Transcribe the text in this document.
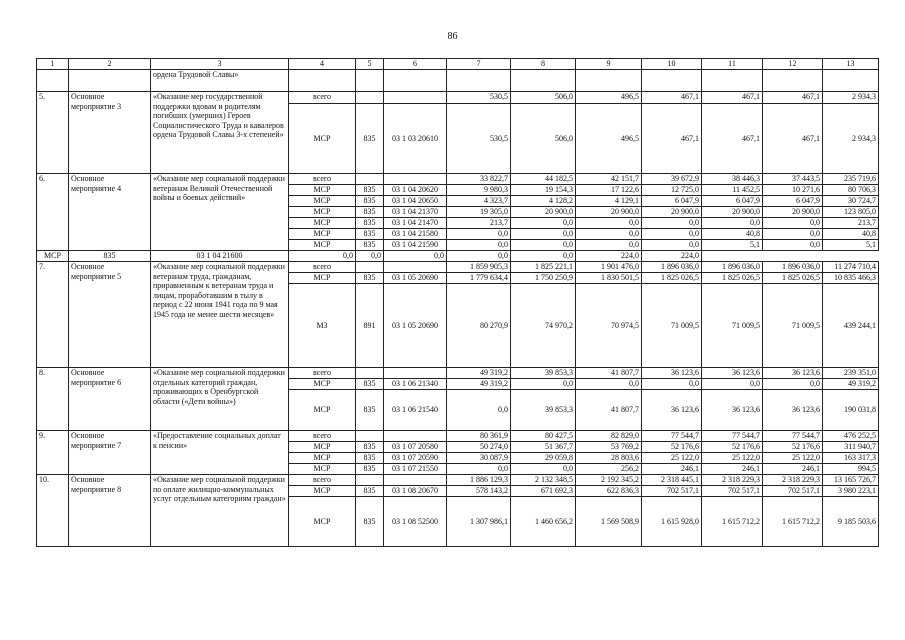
86
1	2	3	4	5	6	7	8	9	10	11	12	13
		ордена Трудовой Славы»										
5.	Основное мероприятие 3	«Оказание мер государственной поддержки вдовам и родителям погибших (умерших) Героев Социалистического Труда и кавалеров ордена Трудовой Славы 3-х степеней»	всего			530,5	506,0	496,5	467,1	467,1	467,1	2 934,3
			МСР	835	03 1 03 20610	530,5	506,0	496,5	467,1	467,1	467,1	2 934,3
6.	Основное мероприятие 4	«Оказание мер социальной поддержки ветеранам Великой Отечественной войны и боевых действий»	всего			33 822,7	44 182,5	42 151,7	39 672,9	38 446,3	37 443,5	235 719,6
			МСР	835	03 1 04 20620	9 980,3	19 154,3	17 122,6	12 725,0	11 452,5	10 271,6	80 706,3
			МСР	835	03 1 04 20650	4 323,7	4 128,2	4 129,1	6 047,9	6 047,9	6 047,9	30 724,7
			МСР	835	03 1 04 21370	19 305,0	20 900,0	20 900,0	20 900,0	20 900,0	20 900,0	123 805,0
			МСР	835	03 1 04 21470	213,7	0,0	0,0	0,0	0,0	0,0	213,7
			МСР	835	03 1 04 21580	0,0	0,0	0,0	0,0	40,8	0,0	40,8
			МСР	835	03 1 04 21590	0,0	0,0	0,0	0,0	5,1	0,0	5,1
МСР	835	03 1 04 21600	0,0	0,0	0,0	0,0	0,0	224,0	224,0			
7.	Основное мероприятие 5	«Оказание мер социальной поддержки ветеранам труда, гражданам, приравненным к ветеранам труда и лицам, проработавшим в тылу в период с 22 июня 1941 года по 9 мая 1945 года не менее шести месяцев»	всего			1 859 905,3	1 825 221,1	1 901 476,0	1 896 036,0	1 896 036,0	1 896 036,0	11 274 710,4
			МСР	835	03 1 05 20690	1 779 634,4	1 750 250,9	1 830 501,5	1 825 026,5	1 825 026,5	1 825 026,5	10 835 466,3
			МЗ	891	03 1 05 20690	80 270,9	74 970,2	70 974,5	71 009,5	71 009,5	71 009,5	439 244,1
8.	Основное мероприятие 6	«Оказание мер социальной поддержки отдельных категорий граждан, проживающих в Оренбургской области («Дети войны»)	всего			49 319,2	39 853,3	41 807,7	36 123,6	36 123,6	36 123,6	239 351,0
			МСР	835	03 1 06 21340	49 319,2	0,0	0,0	0,0	0,0	0,0	49 319,2
			МСР	835	03 1 06 21540	0,0	39 853,3	41 807,7	36 123,6	36 123,6	36 123,6	190 031,8
9.	Основное мероприятие 7	«Предоставление социальных доплат к пенсии»	всего			80 361,9	80 427,5	82 829,0	77 544,7	77 544,7	77 544,7	476 252,5
			МСР	835	03 1 07 20580	50 274,0	51 367,7	53 769,2	52 176,6	52 176,6	52 176,6	311 940,7
			МСР	835	03 1 07 20590	30 087,9	29 059,8	28 803,6	25 122,0	25 122,0	25 122,0	163 317,3
			МСР	835	03 1 07 21550	0,0	0,0	256,2	246,1	246,1	246,1	994,5
10.	Основное мероприятие 8	«Оказание мер социальной поддержки по оплате жилищно-коммунальных услуг отдельным категориям граждан»	всего			1 886 129,3	2 132 348,5	2 192 345,2	2 318 445,1	2 318 229,3	2 318 229,3	13 165 726,7
			МСР	835	03 1 08 20670	578 143,2	671 692,3	622 836,3	702 517,1	702 517,1	702 517,1	3 980 223,1
			МСР	835	03 1 08 52500	1 307 986,1	1 460 656,2	1 569 508,9	1 615 928,0	1 615 712,2	1 615 712,2	9 185 503,6
